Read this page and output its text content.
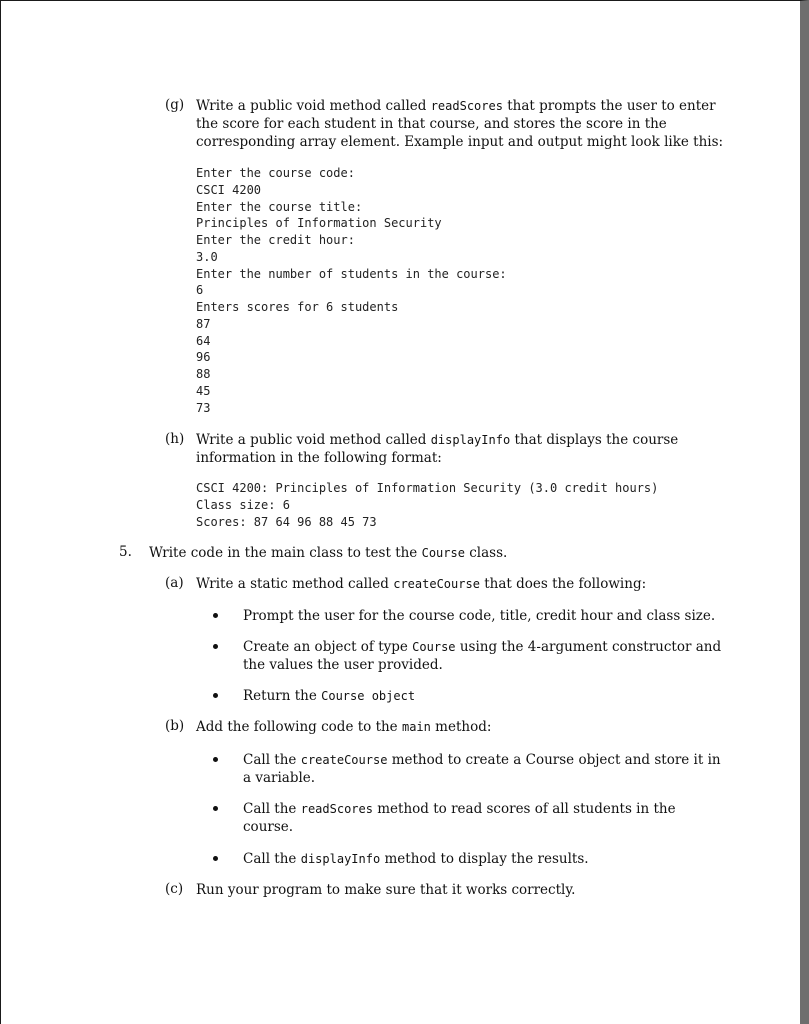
(g) Write a public void method called readScores that prompts the user to enter
the score for each student in that course, and stores the score in the
corresponding array element. Example input and output might look like this:
Enter the course code:
CSCI 4200
Enter the course title:
Principles of Information Security
Enter the credit hour:
3.0
Enter the number of students in the course:
6
Enters scores for 6 students
87
64
96
88
45
73
(h) Write a public void method called displayInfo that displays the course
information in the following format:
CSCI 4200: Principles of Information Security (3.0 credit hours)
Class size: 6
Scores: 87 64 96 88 45 73
5. Write code in the main class to test the Course class.
(a) Write a static method called createCourse that does the following:
Prompt the user for the course code, title, credit hour and class size.
Create an object of type Course using the 4-argument constructor and
the values the user provided.
Return the Course object
(b) Add the following code to the main method:
Call the createCourse method to create a Course object and store it in
a variable.
Call the readScores method to read scores of all students in the
course.
Call the displayInfo method to display the results.
(c) Run your program to make sure that it works correctly.
